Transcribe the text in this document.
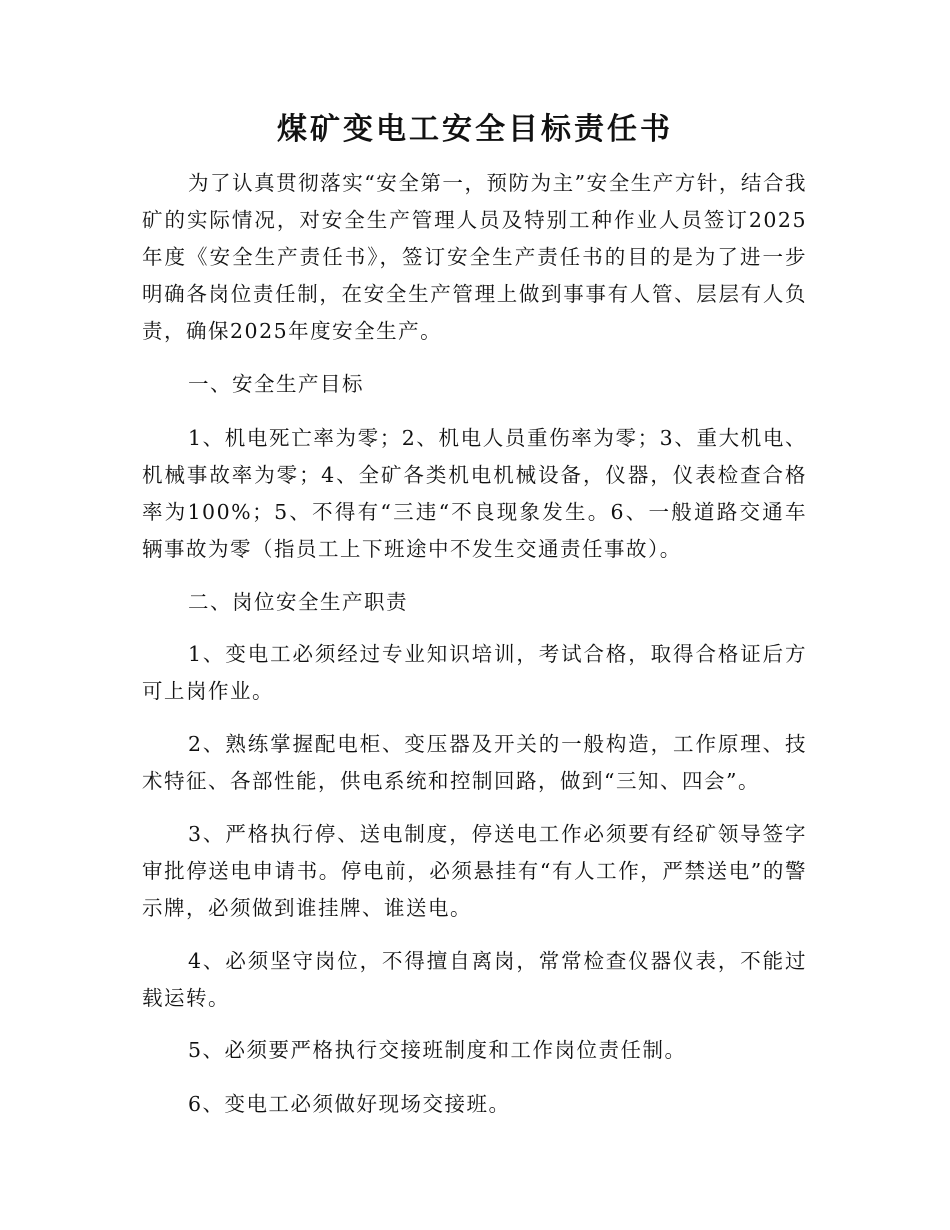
煤矿变电工安全目标责任书

为了认真贯彻落实“安全第一，预防为主”安全生产方针，结合我矿的实际情况，对安全生产管理人员及特别工种作业人员签订2025年度《安全生产责任书》，签订安全生产责任书的目的是为了进一步明确各岗位责任制，在安全生产管理上做到事事有人管、层层有人负责，确保2025年度安全生产。

一、安全生产目标

1、机电死亡率为零；2、机电人员重伤率为零；3、重大机电、机械事故率为零；4、全矿各类机电机械设备，仪器，仪表检查合格率为100%；5、不得有“三违“不良现象发生。6、一般道路交通车辆事故为零（指员工上下班途中不发生交通责任事故）。

二、岗位安全生产职责

1、变电工必须经过专业知识培训，考试合格，取得合格证后方可上岗作业。

2、熟练掌握配电柜、变压器及开关的一般构造，工作原理、技术特征、各部性能，供电系统和控制回路，做到“三知、四会”。

3、严格执行停、送电制度，停送电工作必须要有经矿领导签字审批停送电申请书。停电前，必须悬挂有“有人工作，严禁送电”的警示牌，必须做到谁挂牌、谁送电。

4、必须坚守岗位，不得擅自离岗，常常检查仪器仪表，不能过载运转。

5、必须要严格执行交接班制度和工作岗位责任制。

6、变电工必须做好现场交接班。
